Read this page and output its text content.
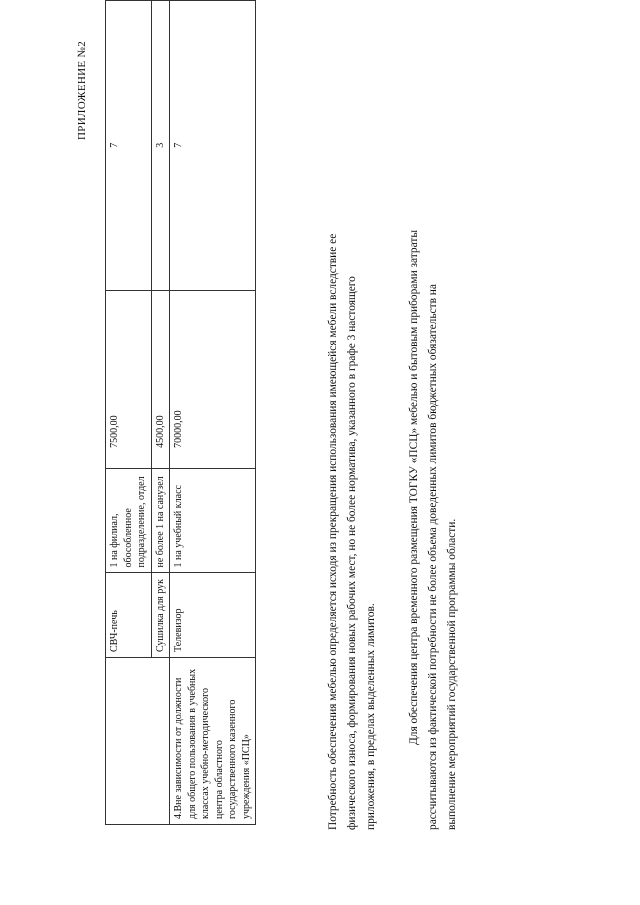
ПРИЛОЖЕНИЕ №2
	СВЧ-печь	1 на филиал, обособленное подразделение, отдел	7500,00	7
	Сушилка для рук	не более 1 на санузел	4500,00	3
4.Вне зависимости от должности для общего пользования в учебных классах учебно-методического центра областного государственного казенного учреждения «ПСЦ»	Телевизор	1 на учебный класс	70000,00	7
Потребность обеспечения мебелью определяется исходя из прекращения использования имеющейся мебели вследствие ее физического износа, формирования новых рабочих мест, но не более норматива, указанного в графе 3 настоящего приложения, в пределах выделенных лимитов.	Для обеспечения центра временного размещения ТОГКУ «ПСЦ» мебелью и бытовым приборами затраты рассчитываются из фактической потребности не более объема доведенных лимитов бюджетных обязательств на выполнение мероприятий государственной программы области.
